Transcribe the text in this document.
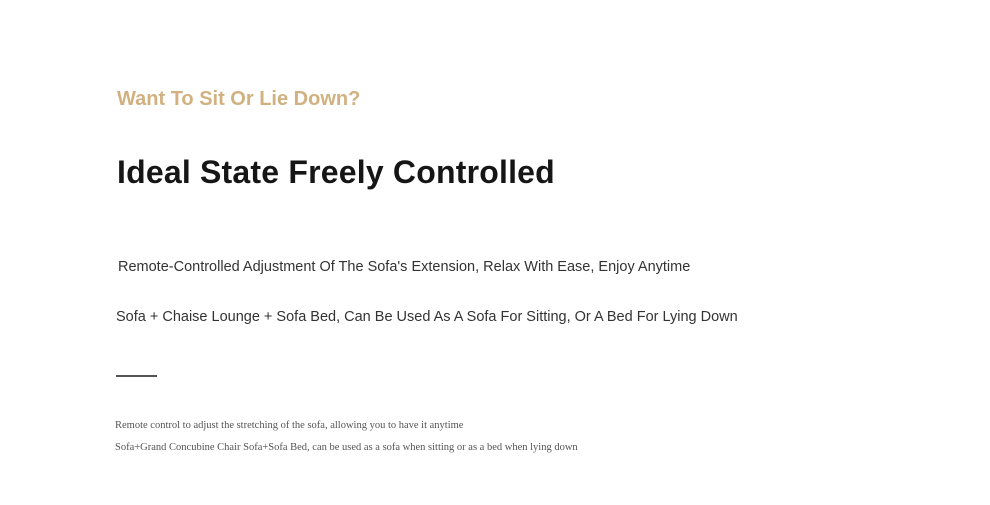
Want To Sit Or Lie Down?
Ideal State Freely Controlled
Remote-Controlled Adjustment Of The Sofa's Extension, Relax With Ease, Enjoy Anytime
Sofa + Chaise Lounge + Sofa Bed, Can Be Used As A Sofa For Sitting, Or A Bed For Lying Down
Remote control to adjust the stretching of the sofa, allowing you to have it anytime
Sofa+Grand Concubine Chair Sofa+Sofa Bed, can be used as a sofa when sitting or as a bed when lying down
